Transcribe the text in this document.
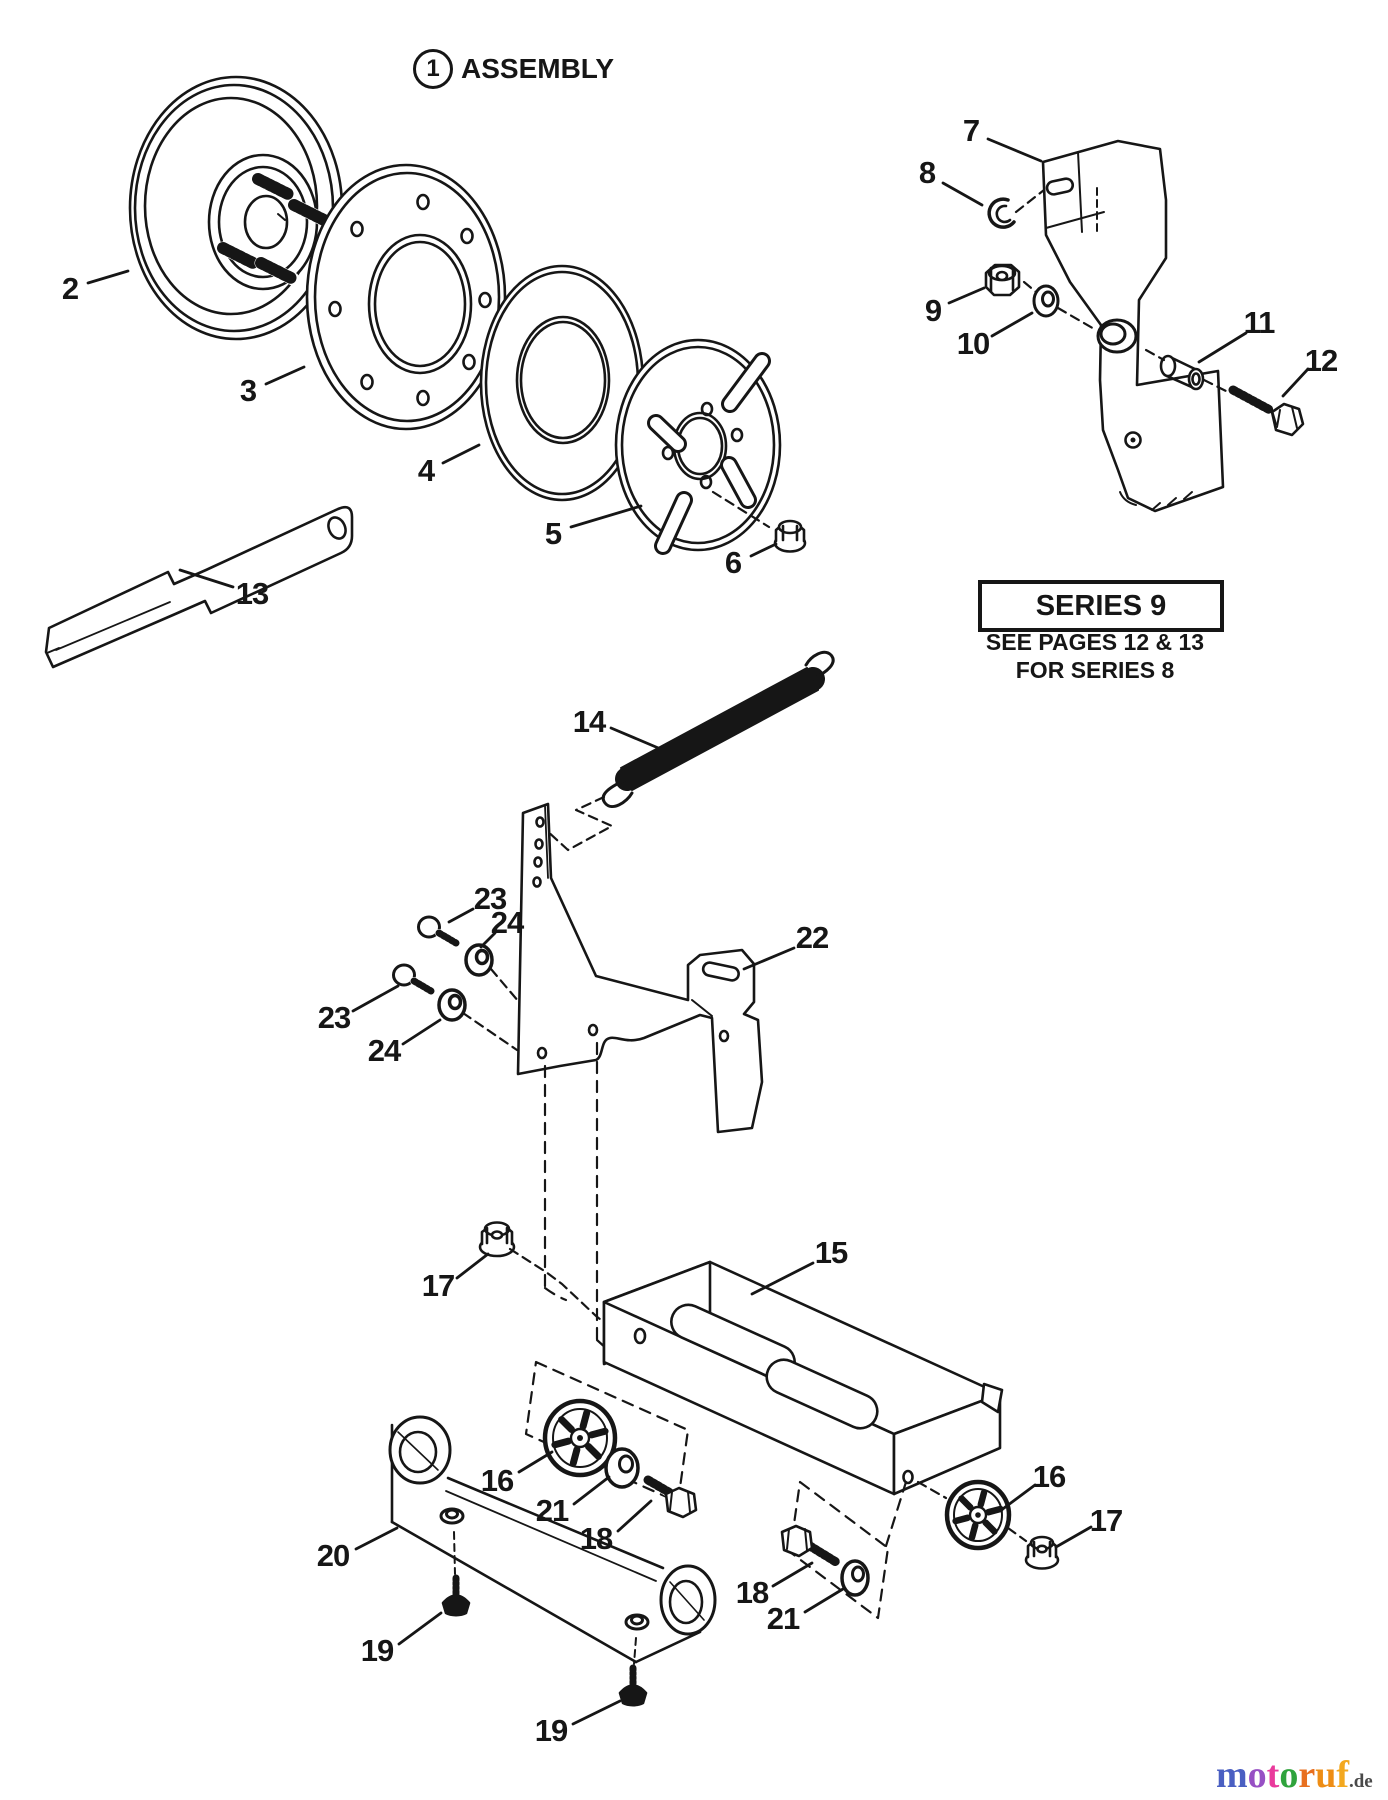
1 ASSEMBLY
SERIES 9
SEE PAGES 12 & 13
FOR SERIES 8
2
3
4
5
6
7
8
9
10
11
12
13
14
15
16	16
17
17
18
18
19
19
20
21
21
22
23
24
23
24
motoruf.de
